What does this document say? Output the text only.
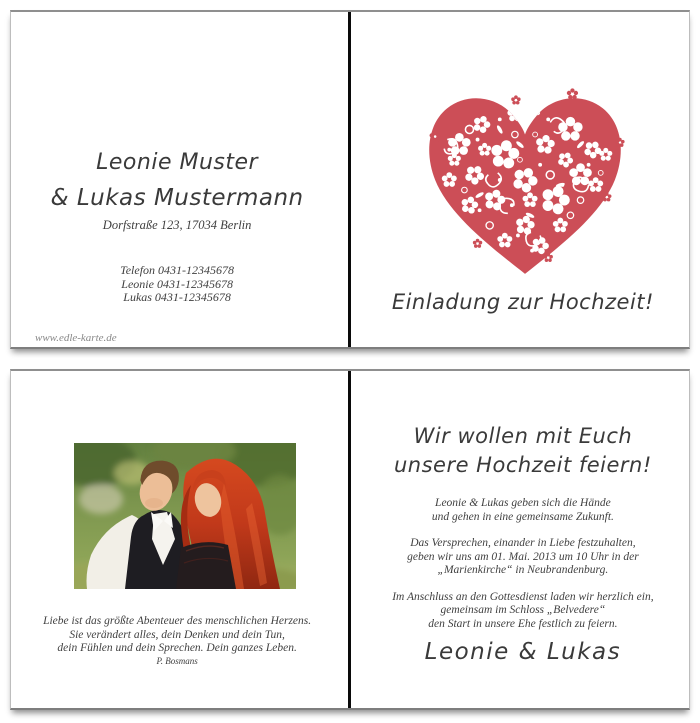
Leonie Muster
& Lukas Mustermann
Dorfstraße 123, 17034 Berlin
Telefon 0431-12345678
Leonie 0431-12345678
Lukas 0431-12345678
www.edle-karte.de
Einladung zur Hochzeit!
Liebe ist das größte Abenteuer des menschlichen Herzens.
Sie verändert alles, dein Denken und dein Tun,
dein Fühlen und dein Sprechen. Dein ganzes Leben.
P. Bosmans
Wir wollen mit Euch
unsere Hochzeit feiern!

Leonie & Lukas geben sich die Hände
und gehen in eine gemeinsame Zukunft.

Das Versprechen, einander in Liebe festzuhalten,
geben wir uns am 01. Mai. 2013 um 10 Uhr in der
„Marienkirche“ in Neubrandenburg.

Im Anschluss an den Gottesdienst laden wir herzlich ein,
gemeinsam im Schloss „Belvedere“
den Start in unsere Ehe festlich zu feiern.

Leonie & Lukas
